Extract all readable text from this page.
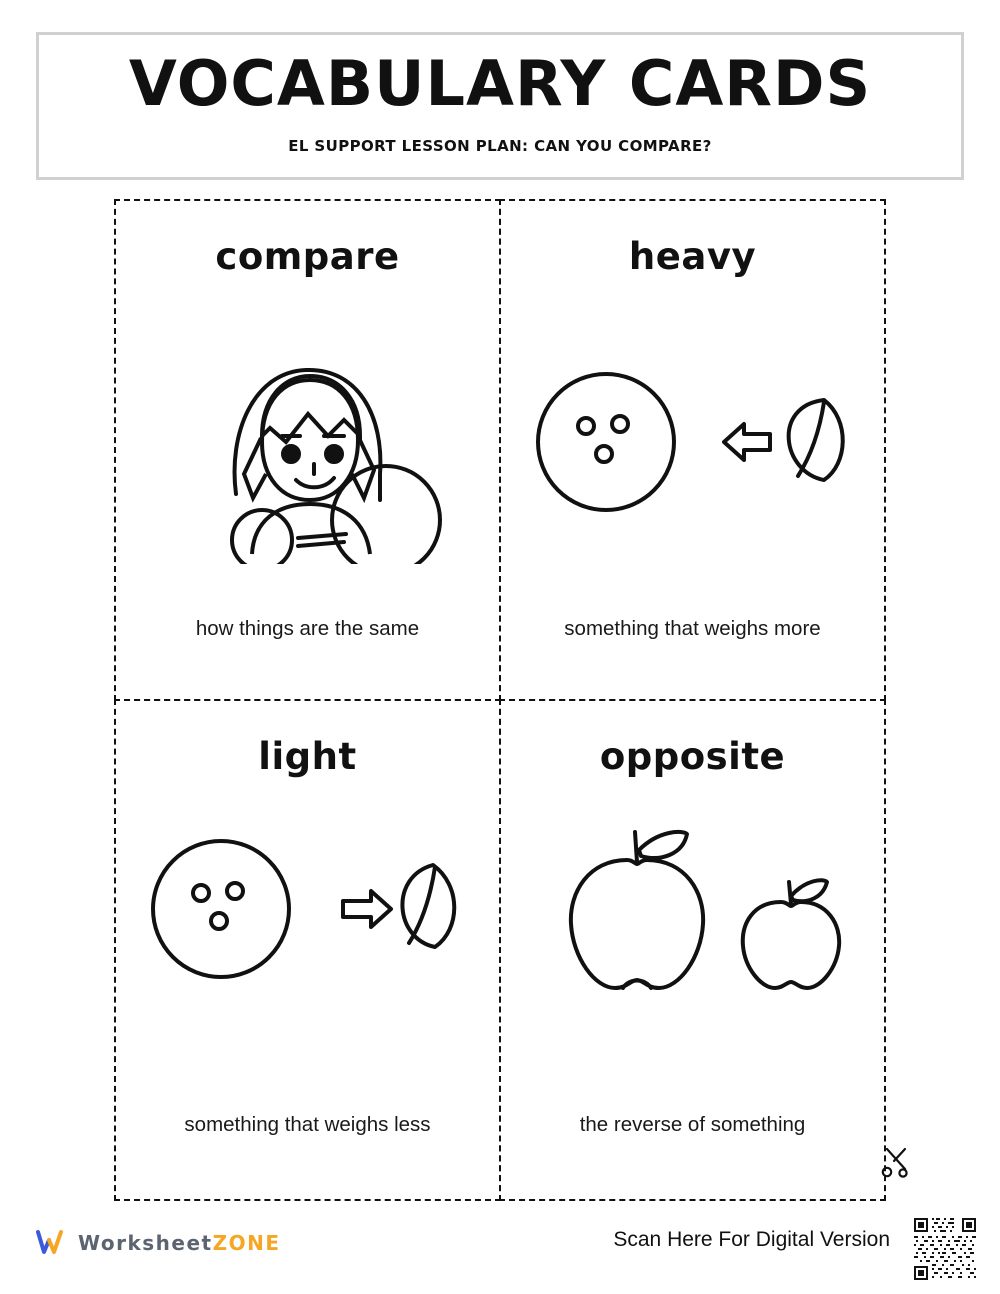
VOCABULARY CARDS
EL SUPPORT LESSON PLAN: CAN YOU COMPARE?
compare
how things are the same
heavy
something that weighs more
light
something that weighs less
opposite
the reverse of something
WorksheetZONE	Scan Here For Digital Version
